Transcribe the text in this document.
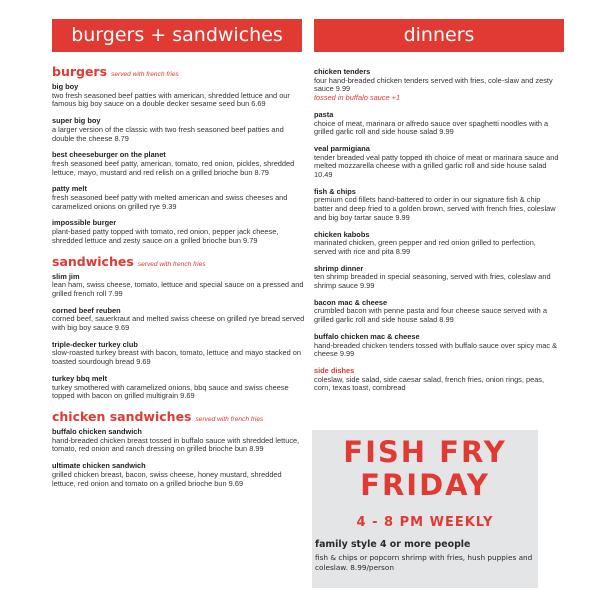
burgers + sandwiches	dinners
burgers served with french fries
big boy
two fresh seasoned beef patties with american, shredded lettuce and our famous big boy sauce on a double decker sesame seed bun 6.69
super big boy
a larger version of the classic with two fresh seasoned beef patties and double the cheese 8.79
best cheeseburger on the planet
fresh seasoned beef patty, american, tomato, red onion, pickles, shredded lettuce, mayo, mustard and red relish on a grilled brioche bun 8.79
patty melt
fresh seasoned beef patty with melted american and swiss cheeses and caramelized onions on grilled rye 9.39
impossible burger
plant-based patty topped with tomato, red onion, pepper jack cheese, shredded lettuce and zesty sauce on a grilled brioche bun 9.79
sandwiches served with french fries
slim jim
lean ham, swiss cheese, tomato, lettuce and special sauce on a pressed and grilled french roll 7.99
corned beef reuben
corned beef, sauerkraut and melted swiss cheese on grilled rye bread served with big boy sauce 9.69
triple-decker turkey club
slow-roasted turkey breast with bacon, tomato, lettuce and mayo stacked on toasted sourdough bread 9.69
turkey bbq melt
turkey smothered with caramelized onions, bbq sauce and swiss cheese topped with bacon on grilled multigrain 9.69
chicken sandwiches served with french fries
buffalo chicken sandwich
hand-breaded chicken breast tossed in buffalo sauce with shredded lettuce, tomato, red onion and ranch dressing on grilled brioche bun 8.99
ultimate chicken sandwich
grilled chicken breast, bacon, swiss cheese, honey mustard, shredded lettuce, red onion and tomato on a grilled brioche bun 9.69
chicken tenders
four hand-breaded chicken tenders served with fries, cole-slaw and zesty sauce 9.99
tossed in buffalo sauce +1
pasta
choice of meat, marinara or alfredo sauce over spaghetti noodles with a grilled garlic roll and side house salad 9.99
veal parmigiana
tender breaded veal patty topped ith choice of meat or marinara sauce and melted mozzarella cheese with a grilled garlic roll and side house salad 10.49
fish & chips
premium cod fillets hand-battered to order in our signature fish & chip batter and deep fried to a golden brown, served with french fries, coleslaw and big boy tartar sauce 9.99
chicken kabobs
marinated chicken, green pepper and red onion grilled to perfection, served with rice and pita 8.99
shrimp dinner
ten shrimp breaded in special seasoning, served with fries, coleslaw and shrimp sauce 9.99
bacon mac & cheese
crumbled bacon with penne pasta and four cheese sauce served with a grilled garlic roll and side house salad 8.99
buffalo chicken mac & cheese
hand-breaded chicken tenders tossed with buffalo sauce over spicy mac & cheese 9.99
side dishes
coleslaw, side salad, side caesar salad, french fries, onion rings, peas, corn, texas toast, cornbread
FISH FRY
FRIDAY
4 - 8 PM WEEKLY
family style 4 or more people
fish & chips or popcorn shrimp with fries, hush puppies and coleslaw. 8.99/person
